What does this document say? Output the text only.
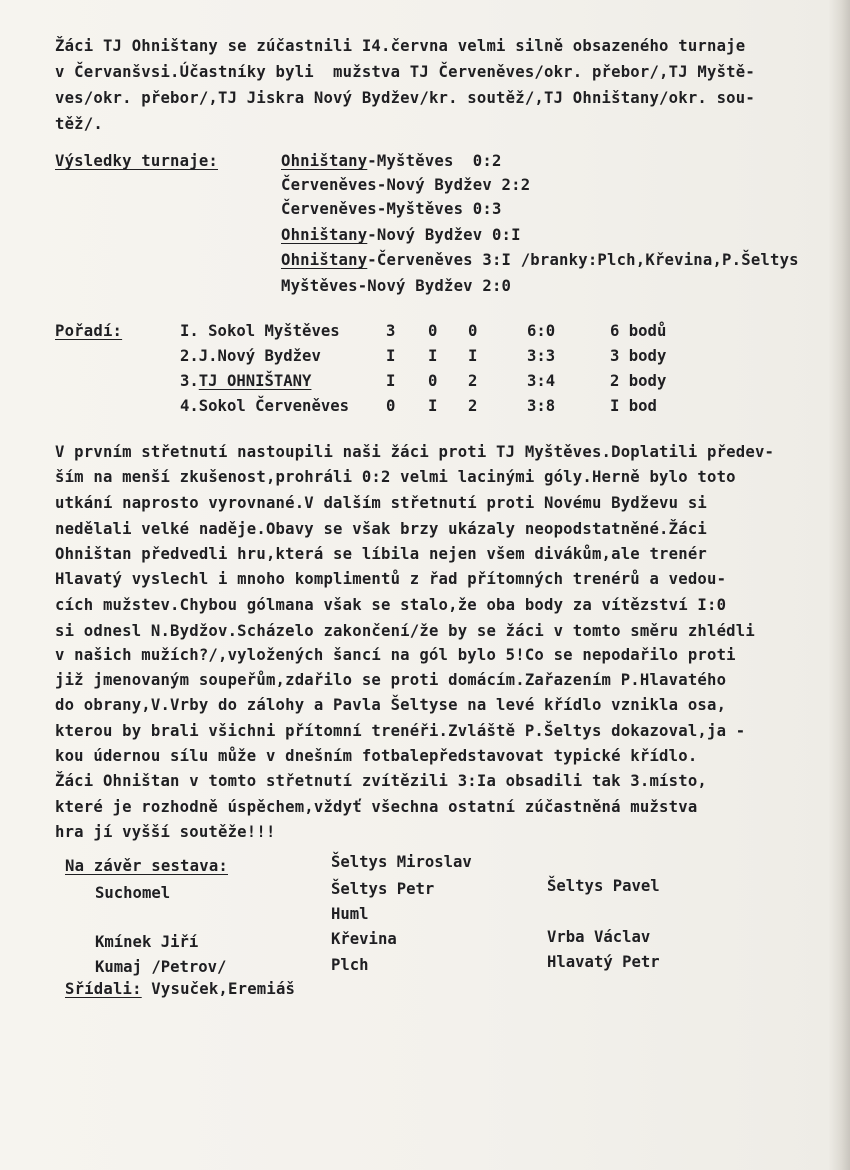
Žáci TJ Ohništany se zúčastnili I4.června velmi silně obsazeného turnaje
v Červanšvsi.Účastníky byli  mužstva TJ Červeněves/okr. přebor/,TJ Myště-
ves/okr. přebor/,TJ Jiskra Nový Bydžev/kr. soutěž/,TJ Ohništany/okr. sou-
těž/.
Výsledky turnaje:	Ohništany-Myštěves  0:2
Červeněves-Nový Bydžev 2:2
Červeněves-Myštěves 0:3
Ohništany-Nový Bydžev 0:I
Ohništany-Červeněves 3:I /branky:Plch,Křevina,P.Šeltys
Myštěves-Nový Bydžev 2:0
Pořadí:	I. Sokol Myštěves	3 0 0	6:0	6 bodů
2.J.Nový Bydžev	I I I	3:3	3 body
3.TJ OHNIŠTANY	I 0 2	3:4	2 body
4.Sokol Červeněves 0 I 2	3:8	I bod
V prvním střetnutí nastoupili naši žáci proti TJ Myštěves.Doplatili předev-
ším na menší zkušenost,prohráli 0:2 velmi lacinými góly.Herně bylo toto
utkání naprosto vyrovnané.V dalším střetnutí proti Novému Bydževu si
nedělali velké naděje.Obavy se však brzy ukázaly neopodstatněné.Žáci
Ohništan předvedli hru,která se líbila nejen všem divákům,ale trenér
Hlavatý vyslechl i mnoho komplimentů z řad přítomných trenérů a vedou-
cích mužstev.Chybou gólmana však se stalo,že oba body za vítězství I:0
si odnesl N.Bydžov.Scházelo zakončení/že by se žáci v tomto směru zhlédli
v našich mužích?/,vyložených šancí na gól bylo 5!Co se nepodařilo proti
již jmenovaným soupeřům,zdařilo se proti domácím.Zařazením P.Hlavatého
do obrany,V.Vrby do zálohy a Pavla Šeltyse na levé křídlo vznikla osa,
kterou by brali všichni přítomní trenéři.Zvláště P.Šeltys dokazoval,ja -
kou údernou sílu může v dnešním fotbalepředstavovat typické křídlo.
Žáci Ohništan v tomto střetnutí zvítězili 3:Ia obsadili tak 3.místo,
které je rozhodně úspěchem,vždyť všechna ostatní zúčastněná mužstva
hra jí vyšší soutěže!!!
Na závěr sestava:
Suchomel
Kmínek Jiří
Kumaj /Petrov/
Šeltys Miroslav
Šeltys Petr
Huml
Křevina
Plch
Šeltys Pavel
Vrba Václav
Hlavatý Petr
Sřídali: Vysuček,Eremiáš
